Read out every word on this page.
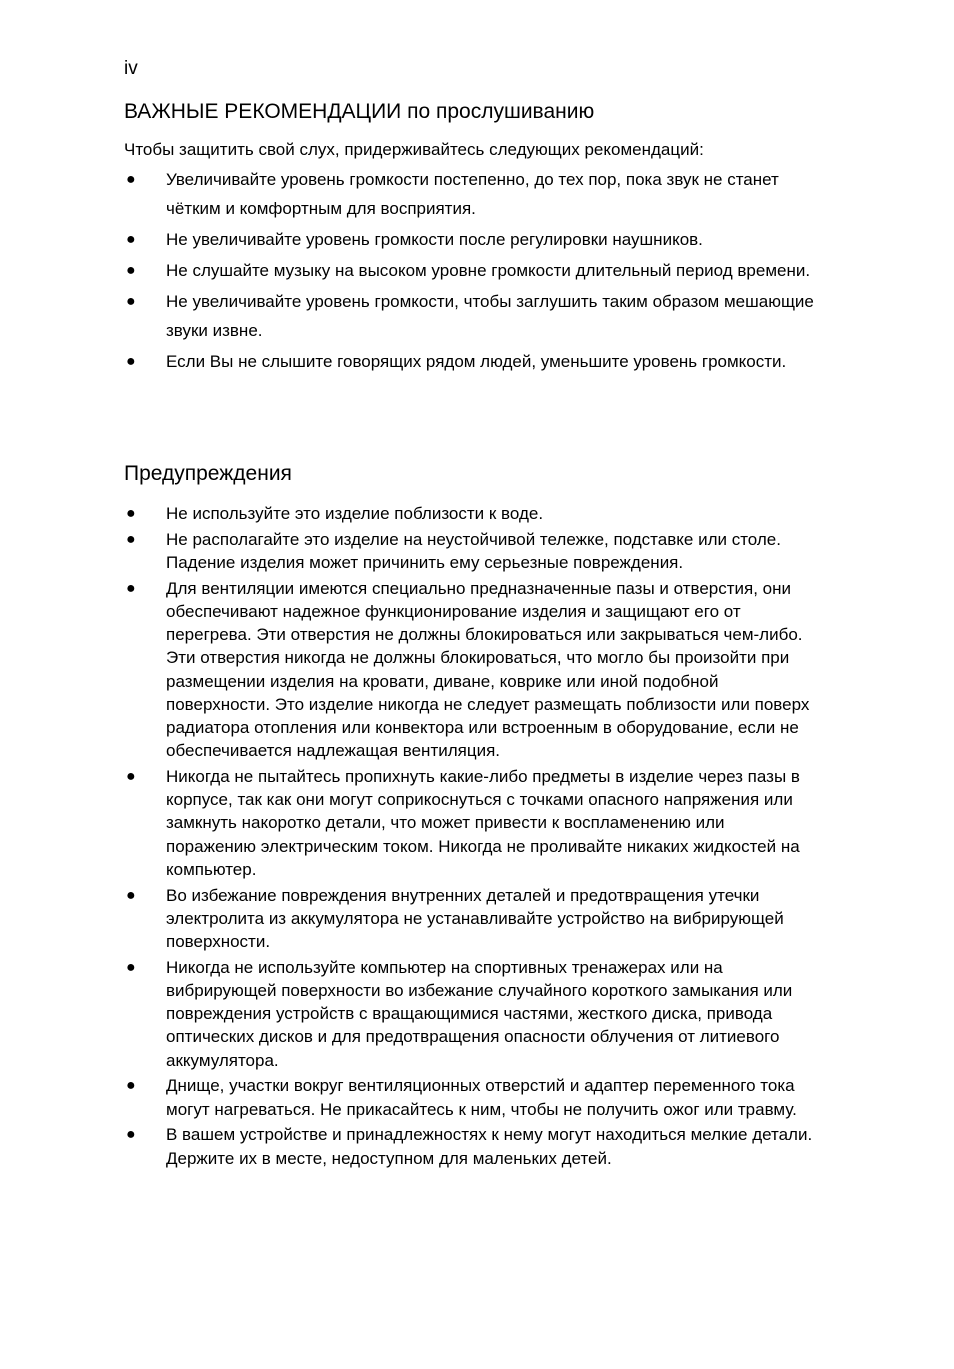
iv
ВАЖНЫЕ РЕКОМЕНДАЦИИ по прослушиванию
Чтобы защитить свой слух, придерживайтесь следующих рекомендаций:
● Увеличивайте уровень громкости постепенно, до тех пор, пока звук не станет чётким и комфортным для восприятия.
● Не увеличивайте уровень громкости после регулировки наушников.
● Не слушайте музыку на высоком уровне громкости длительный период времени.
● Не увеличивайте уровень громкости, чтобы заглушить таким образом мешающие звуки извне.
● Если Вы не слышите говорящих рядом людей, уменьшите уровень громкости.
Предупреждения
● Не используйте это изделие поблизости к воде.
● Не располагайте это изделие на неустойчивой тележке, подставке или столе. Падение изделия может причинить ему серьезные повреждения.
● Для вентиляции имеются специально предназначенные пазы и отверстия, они обеспечивают надежное функционирование изделия и защищают его от перегрева. Эти отверстия не должны блокироваться или закрываться чем-либо. Эти отверстия никогда не должны блокироваться, что могло бы произойти при размещении изделия на кровати, диване, коврике или иной подобной поверхности. Это изделие никогда не следует размещать поблизости или поверх радиатора отопления или конвектора или встроенным в оборудование, если не обеспечивается надлежащая вентиляция.
● Никогда не пытайтесь пропихнуть какие-либо предметы в изделие через пазы в корпусе, так как они могут соприкоснуться с точками опасного напряжения или замкнуть накоротко детали, что может привести к воспламенению или поражению электрическим током. Никогда не проливайте никаких жидкостей на компьютер.
● Во избежание повреждения внутренних деталей и предотвращения утечки электролита из аккумулятора не устанавливайте устройство на вибрирующей поверхности.
● Никогда не используйте компьютер на спортивных тренажерах или на вибрирующей поверхности во избежание случайного короткого замыкания или повреждения устройств с вращающимися частями, жесткого диска, привода оптических дисков и для предотвращения опасности облучения от литиевого аккумулятора.
● Днище, участки вокруг вентиляционных отверстий и адаптер переменного тока могут нагреваться. Не прикасайтесь к ним, чтобы не получить ожог или травму.
● В вашем устройстве и принадлежностях к нему могут находиться мелкие детали. Держите их в месте, недоступном для маленьких детей.
